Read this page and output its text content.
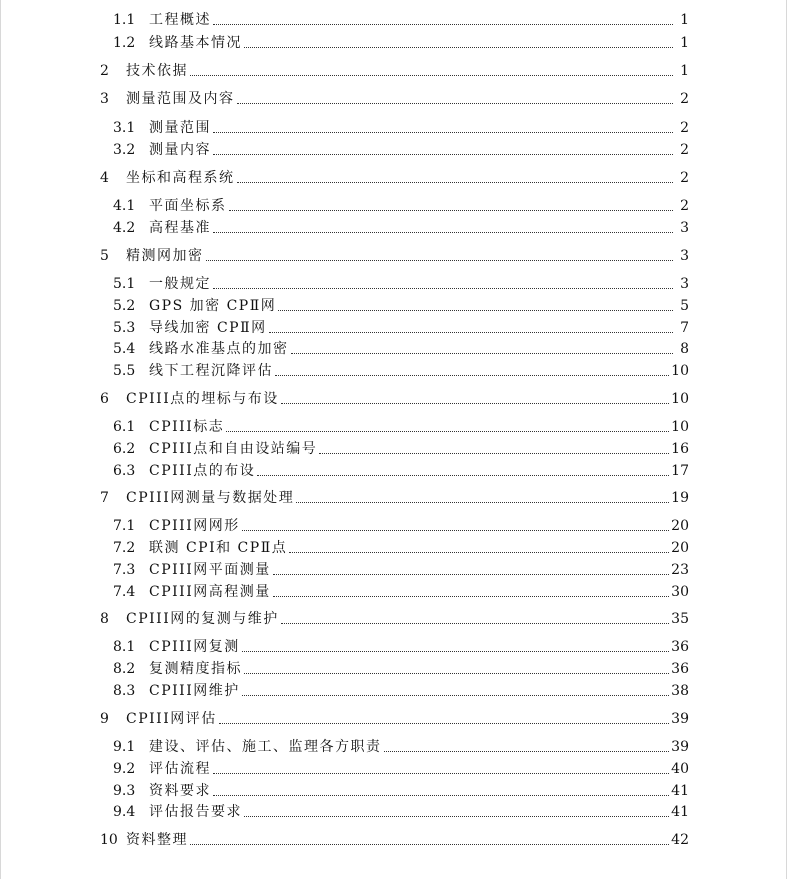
1.1 工程概述	1
1.2 线路基本情况	1
2	技术依据	1
3	测量范围及内容	2
3.1 测量范围	2
3.2 测量内容	2
4	坐标和高程系统	2
4.1 平面坐标系	2
4.2 高程基准	3
5	精测网加密	3
5.1 一般规定	3
5.2 GPS 加密 CPⅡ网	5
5.3 导线加密 CPⅡ网	7
5.4 线路水准基点的加密	8
5.5 线下工程沉降评估	10
6	CPIII点的埋标与布设	10
6.1 CPIII标志	10
6.2 CPIII点和自由设站编号	16
6.3 CPIII点的布设	17
7	CPIII网测量与数据处理	19
7.1 CPIII网网形	20
7.2 联测 CPⅠ和 CPⅡ点	20
7.3 CPIII网平面测量	23
7.4 CPIII网高程测量	30
8	CPIII网的复测与维护	35
8.1 CPIII网复测	36
8.2 复测精度指标	36
8.3 CPIII网维护	38
9	CPIII网评估	39
9.1 建设、评估、施工、监理各方职责	39
9.2 评估流程	40
9.3 资料要求	41
9.4 评估报告要求	41
10 资料整理	42
